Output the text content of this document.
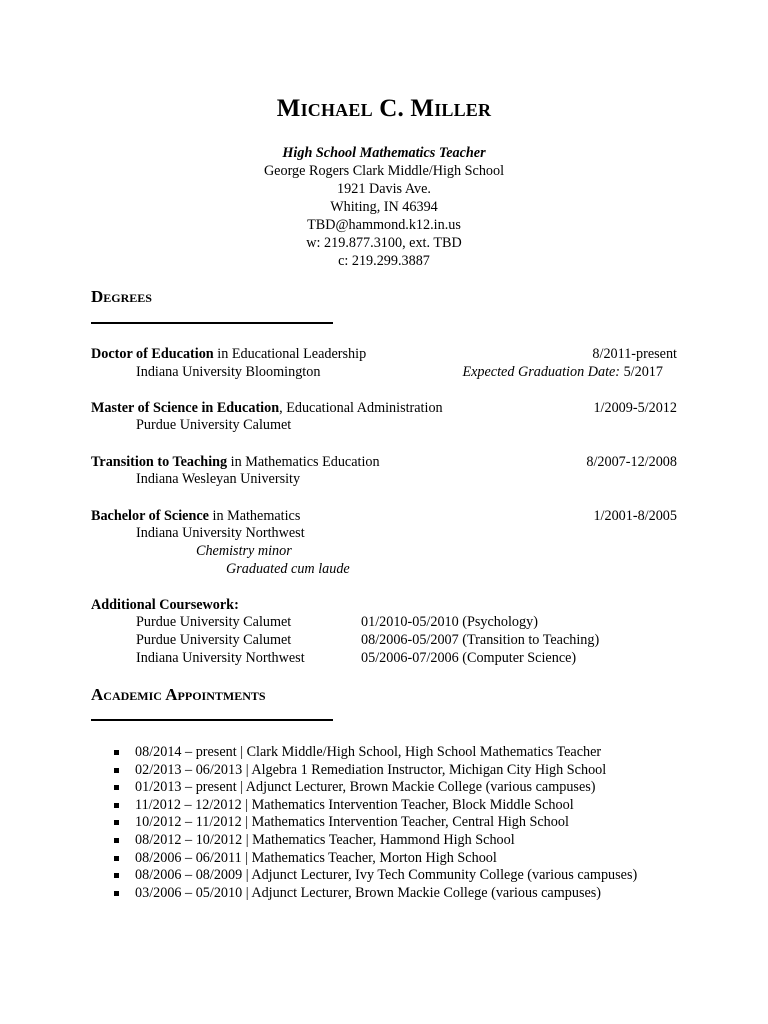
Michael C. Miller
High School Mathematics Teacher
George Rogers Clark Middle/High School
1921 Davis Ave.
Whiting, IN 46394
TBD@hammond.k12.in.us
w: 219.877.3100, ext. TBD
c: 219.299.3887
Degrees
Doctor of Education in Educational Leadership	8/2011-present
Indiana University Bloomington	Expected Graduation Date: 5/2017
Master of Science in Education, Educational Administration	1/2009-5/2012
Purdue University Calumet
Transition to Teaching in Mathematics Education	8/2007-12/2008
Indiana Wesleyan University
Bachelor of Science in Mathematics	1/2001-8/2005
Indiana University Northwest
Chemistry minor
Graduated cum laude
Additional Coursework:
Purdue University Calumet	01/2010-05/2010 (Psychology)
Purdue University Calumet	08/2006-05/2007 (Transition to Teaching)
Indiana University Northwest	05/2006-07/2006 (Computer Science)
Academic Appointments
08/2014 – present | Clark Middle/High School, High School Mathematics Teacher
02/2013 – 06/2013 | Algebra 1 Remediation Instructor, Michigan City High School
01/2013 – present | Adjunct Lecturer, Brown Mackie College (various campuses)
11/2012 – 12/2012 | Mathematics Intervention Teacher, Block Middle School
10/2012 – 11/2012 | Mathematics Intervention Teacher, Central High School
08/2012 – 10/2012 | Mathematics Teacher, Hammond High School
08/2006 – 06/2011 | Mathematics Teacher, Morton High School
08/2006 – 08/2009 | Adjunct Lecturer, Ivy Tech Community College (various campuses)
03/2006 – 05/2010 | Adjunct Lecturer, Brown Mackie College (various campuses)
